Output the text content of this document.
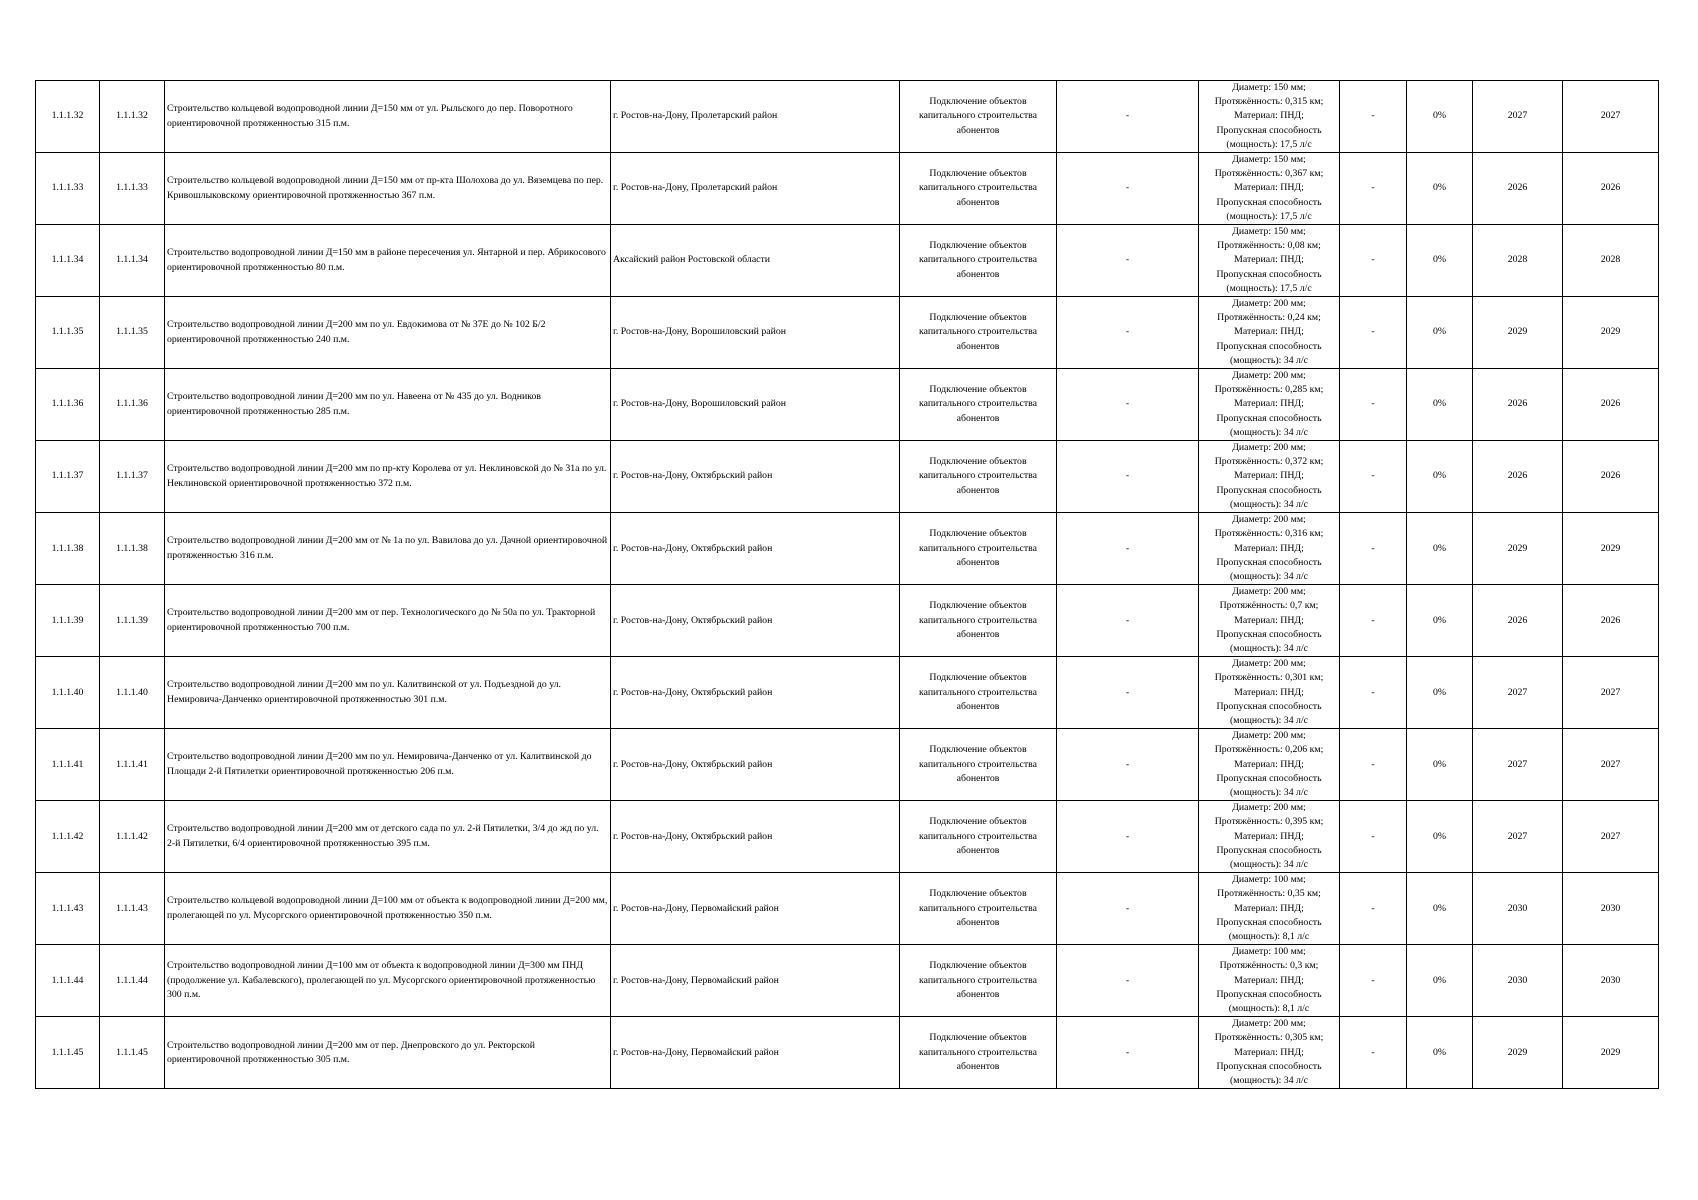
1.1.1.32	1.1.1.32	Строительство кольцевой водопроводной линии Д=150 мм от ул. Рыльского до пер. Поворотного ориентировочной протяженностью 315 п.м.	г. Ростов-на-Дону, Пролетарский район	Подключение объектов капитального строительства абонентов	-	Диаметр: 150 мм;
Протяжённость: 0,315 км;
Материал: ПНД;
Пропускная способность
(мощность): 17,5 л/с	-	0%	2027	2027
1.1.1.33	1.1.1.33	Строительство кольцевой водопроводной линии Д=150 мм от пр-кта Шолохова до ул. Вяземцева по пер. Кривошлыковскому ориентировочной протяженностью 367 п.м.	г. Ростов-на-Дону, Пролетарский район	Подключение объектов капитального строительства абонентов	-	Диаметр: 150 мм;
Протяжённость: 0,367 км;
Материал: ПНД;
Пропускная способность
(мощность): 17,5 л/с	-	0%	2026	2026
1.1.1.34	1.1.1.34	Строительство водопроводной линии Д=150 мм в районе пересечения ул. Янтарной и пер. Абрикосового ориентировочной протяженностью 80 п.м.	Аксайский район Ростовской области	Подключение объектов капитального строительства абонентов	-	Диаметр: 150 мм;
Протяжённость: 0,08 км;
Материал: ПНД;
Пропускная способность
(мощность): 17,5 л/с	-	0%	2028	2028
1.1.1.35	1.1.1.35	Строительство водопроводной линии Д=200 мм по ул. Евдокимова от № 37Е до № 102 Б/2 ориентировочной протяженностью 240 п.м.	г. Ростов-на-Дону, Ворошиловский район	Подключение объектов капитального строительства абонентов	-	Диаметр: 200 мм;
Протяжённость: 0,24 км;
Материал: ПНД;
Пропускная способность
(мощность): 34 л/с	-	0%	2029	2029
1.1.1.36	1.1.1.36	Строительство водопроводной линии Д=200 мм по ул. Навеена от № 435 до ул. Водников ориентировочной протяженностью 285 п.м.	г. Ростов-на-Дону, Ворошиловский район	Подключение объектов капитального строительства абонентов	-	Диаметр: 200 мм;
Протяжённость: 0,285 км;
Материал: ПНД;
Пропускная способность
(мощность): 34 л/с	-	0%	2026	2026
1.1.1.37	1.1.1.37	Строительство водопроводной линии Д=200 мм по пр-кту Королева от ул. Неклиновской до № 31а по ул. Неклиновской ориентировочной протяженностью 372 п.м.	г. Ростов-на-Дону, Октябрьский район	Подключение объектов капитального строительства абонентов	-	Диаметр: 200 мм;
Протяжённость: 0,372 км;
Материал: ПНД;
Пропускная способность
(мощность): 34 л/с	-	0%	2026	2026
1.1.1.38	1.1.1.38	Строительство водопроводной линии Д=200 мм от № 1а по ул. Вавилова до ул. Дачной ориентировочной протяженностью 316 п.м.	г. Ростов-на-Дону, Октябрьский район	Подключение объектов капитального строительства абонентов	-	Диаметр: 200 мм;
Протяжённость: 0,316 км;
Материал: ПНД;
Пропускная способность
(мощность): 34 л/с	-	0%	2029	2029
1.1.1.39	1.1.1.39	Строительство водопроводной линии Д=200 мм от пер. Технологического до № 50а по ул. Тракторной ориентировочной протяженностью 700 п.м.	г. Ростов-на-Дону, Октябрьский район	Подключение объектов капитального строительства абонентов	-	Диаметр: 200 мм;
Протяжённость: 0,7 км;
Материал: ПНД;
Пропускная способность
(мощность): 34 л/с	-	0%	2026	2026
1.1.1.40	1.1.1.40	Строительство водопроводной линии Д=200 мм по ул. Калитвинской от ул. Подъездной до ул. Немировича-Данченко ориентировочной протяженностью 301 п.м.	г. Ростов-на-Дону, Октябрьский район	Подключение объектов капитального строительства абонентов	-	Диаметр: 200 мм;
Протяжённость: 0,301 км;
Материал: ПНД;
Пропускная способность
(мощность): 34 л/с	-	0%	2027	2027
1.1.1.41	1.1.1.41	Строительство водопроводной линии Д=200 мм по ул. Немировича-Данченко от ул. Калитвинской до Площади 2-й Пятилетки ориентировочной протяженностью 206 п.м.	г. Ростов-на-Дону, Октябрьский район	Подключение объектов капитального строительства абонентов	-	Диаметр: 200 мм;
Протяжённость: 0,206 км;
Материал: ПНД;
Пропускная способность
(мощность): 34 л/с	-	0%	2027	2027
1.1.1.42	1.1.1.42	Строительство водопроводной линии Д=200 мм от детского сада по ул. 2-й Пятилетки, 3/4 до жд по ул. 2-й Пятилетки, 6/4 ориентировочной протяженностью 395 п.м.	г. Ростов-на-Дону, Октябрьский район	Подключение объектов капитального строительства абонентов	-	Диаметр: 200 мм;
Протяжённость: 0,395 км;
Материал: ПНД;
Пропускная способность
(мощность): 34 л/с	-	0%	2027	2027
1.1.1.43	1.1.1.43	Строительство кольцевой водопроводной линии Д=100 мм от объекта к водопроводной линии Д=200 мм, пролегающей по ул. Мусоргского ориентировочной протяженностью 350 п.м.	г. Ростов-на-Дону, Первомайский район	Подключение объектов капитального строительства абонентов	-	Диаметр: 100 мм;
Протяжённость: 0,35 км;
Материал: ПНД;
Пропускная способность
(мощность): 8,1 л/с	-	0%	2030	2030
1.1.1.44	1.1.1.44	Строительство водопроводной линии Д=100 мм от объекта к водопроводной линии Д=300 мм ПНД (продолжение ул. Кабалевского), пролегающей по ул. Мусоргского ориентировочной протяженностью 300 п.м.	г. Ростов-на-Дону, Первомайский район	Подключение объектов капитального строительства абонентов	-	Диаметр: 100 мм;
Протяжённость: 0,3 км;
Материал: ПНД;
Пропускная способность
(мощность): 8,1 л/с	-	0%	2030	2030
1.1.1.45	1.1.1.45	Строительство водопроводной линии Д=200 мм от пер. Днепровского до ул. Ректорской ориентировочной протяженностью 305 п.м.	г. Ростов-на-Дону, Первомайский район	Подключение объектов капитального строительства абонентов	-	Диаметр: 200 мм;
Протяжённость: 0,305 км;
Материал: ПНД;
Пропускная способность
(мощность): 34 л/с	-	0%	2029	2029
